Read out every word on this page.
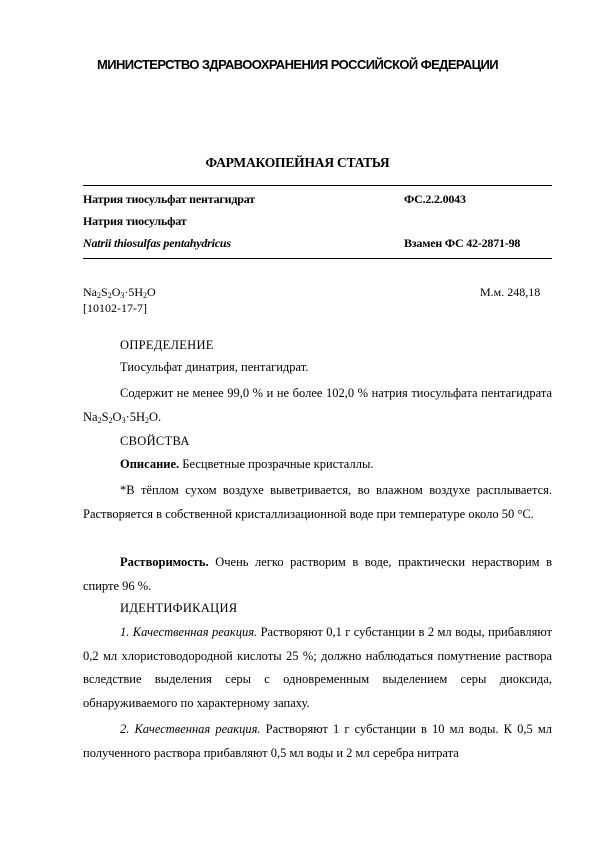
МИНИСТЕРСТВО ЗДРАВООХРАНЕНИЯ РОССИЙСКОЙ ФЕДЕРАЦИИ
ФАРМАКОПЕЙНАЯ СТАТЬЯ
Натрия тиосульфат пентагидрат	ФС.2.2.0043
Натрия тиосульфат
Natrii thiosulfas pentahydricus	Взамен ФС 42-2871-98
$Na_2S_2O_3\cdot 5H_2O$	М.м. 248,18
[10102-17-7]
ОПРЕДЕЛЕНИЕ
Тиосульфат динатрия, пентагидрат.
Содержит не менее 99,0 % и не более 102,0 % натрия тиосульфата пентагидрата $Na_2S_2O_3\cdot 5H_2O$.
СВОЙСТВА
Описание. Бесцветные прозрачные кристаллы.
*В тёплом сухом воздухе выветривается, во влажном воздухе расплывается. Растворяется в собственной кристаллизационной воде при температуре около 50 °С.
Растворимость. Очень легко растворим в воде, практически нерастворим в спирте 96 %.
ИДЕНТИФИКАЦИЯ
1. Качественная реакция. Растворяют 0,1 г субстанции в 2 мл воды, прибавляют 0,2 мл хлористоводородной кислоты 25 %; должно наблюдаться помутнение раствора вследствие выделения серы с одновременным выделением серы диоксида, обнаруживаемого по характерному запаху.
2. Качественная реакция. Растворяют 1 г субстанции в 10 мл воды. К 0,5 мл полученного раствора прибавляют 0,5 мл воды и 2 мл серебра нитрата
